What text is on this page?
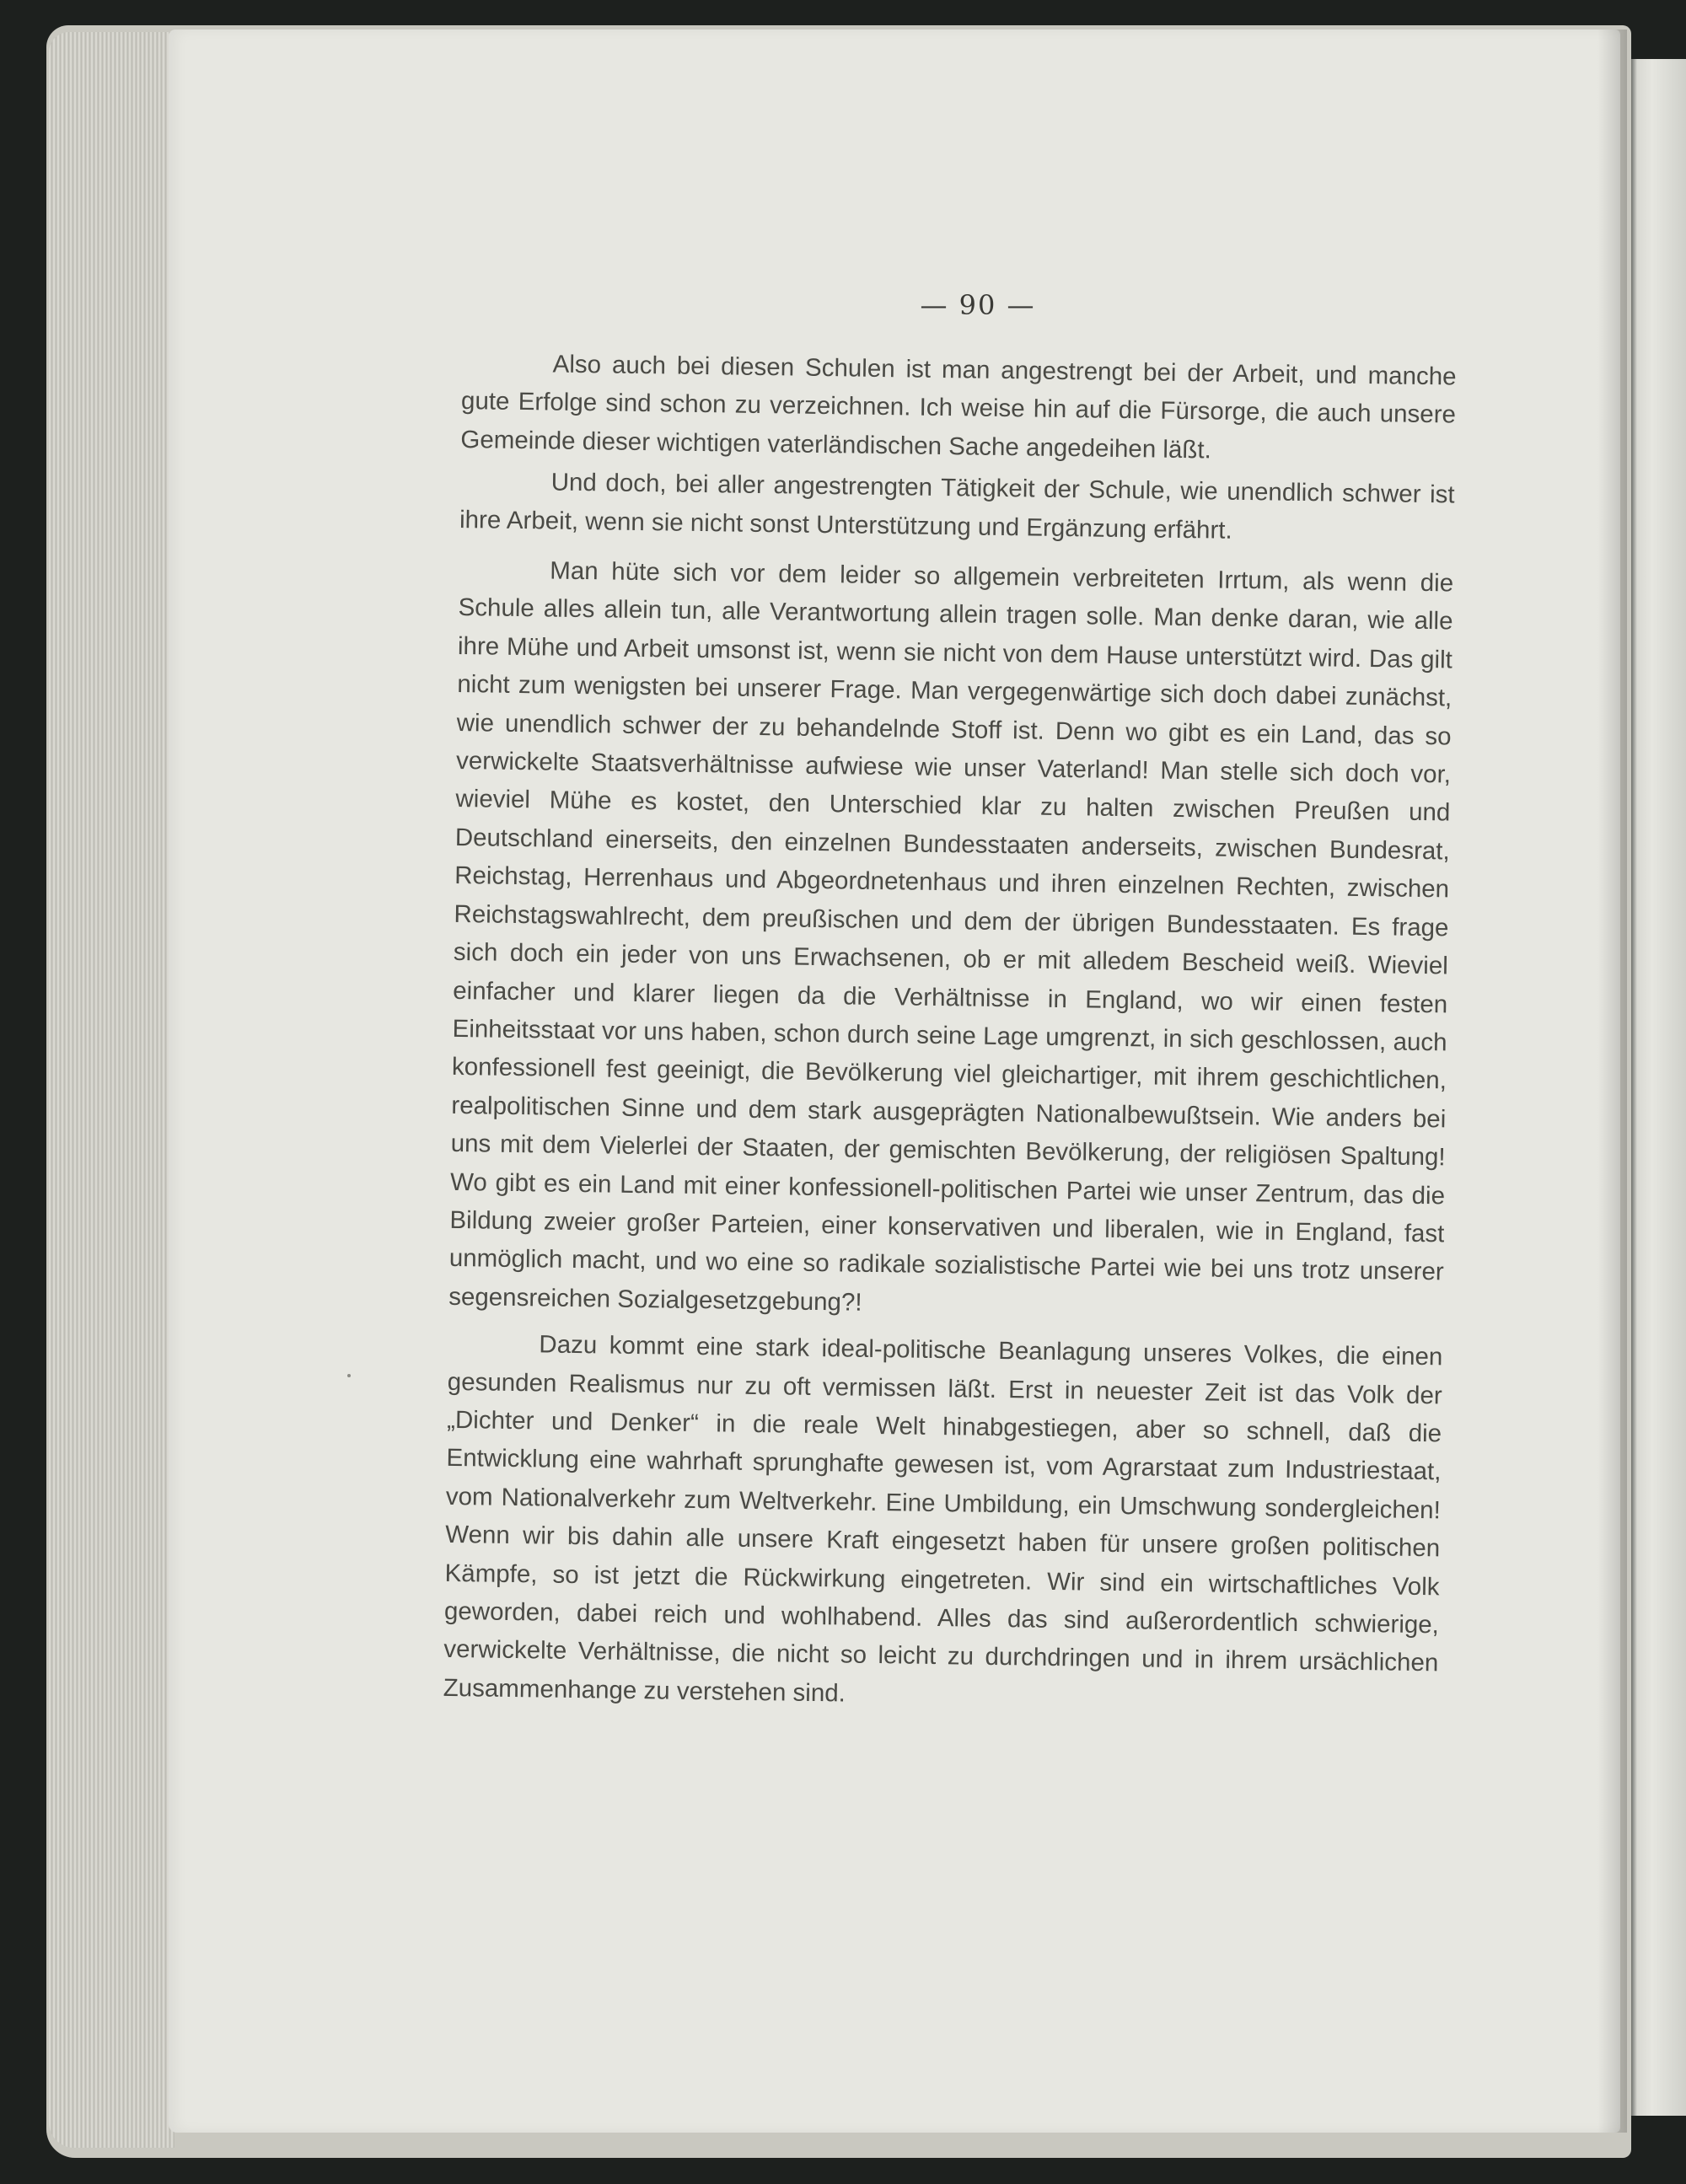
— 90 —

Also auch bei diesen Schulen ist man angestrengt bei der Arbeit, und manche gute Erfolge sind schon zu verzeichnen. Ich weise hin auf die Fürsorge, die auch unsere Gemeinde dieser wichtigen vaterländischen Sache angedeihen läßt.

Und doch, bei aller angestrengten Tätigkeit der Schule, wie unendlich schwer ist ihre Arbeit, wenn sie nicht sonst Unterstützung und Ergänzung erfährt.

Man hüte sich vor dem leider so allgemein verbreiteten Irrtum, als wenn die Schule alles allein tun, alle Verantwortung allein tragen solle. Man denke daran, wie alle ihre Mühe und Arbeit umsonst ist, wenn sie nicht von dem Hause unterstützt wird. Das gilt nicht zum wenigsten bei unserer Frage. Man vergegenwärtige sich doch dabei zunächst, wie unendlich schwer der zu behandelnde Stoff ist. Denn wo gibt es ein Land, das so verwickelte Staatsverhältnisse aufwiese wie unser Vaterland! Man stelle sich doch vor, wieviel Mühe es kostet, den Unterschied klar zu halten zwischen Preußen und Deutschland einerseits, den einzelnen Bundesstaaten anderseits, zwischen Bundesrat, Reichstag, Herrenhaus und Abgeordnetenhaus und ihren einzelnen Rechten, zwischen Reichstagswahlrecht, dem preußischen und dem der übrigen Bundesstaaten. Es frage sich doch ein jeder von uns Erwachsenen, ob er mit alledem Bescheid weiß. Wieviel einfacher und klarer liegen da die Verhältnisse in England, wo wir einen festen Einheitsstaat vor uns haben, schon durch seine Lage umgrenzt, in sich geschlossen, auch konfessionell fest geeinigt, die Bevölkerung viel gleichartiger, mit ihrem geschichtlichen, realpolitischen Sinne und dem stark ausgeprägten Nationalbewußtsein. Wie anders bei uns mit dem Vielerlei der Staaten, der gemischten Bevölkerung, der religiösen Spaltung! Wo gibt es ein Land mit einer konfessionell-politischen Partei wie unser Zentrum, das die Bildung zweier großer Parteien, einer konservativen und liberalen, wie in England, fast unmöglich macht, und wo eine so radikale sozialistische Partei wie bei uns trotz unserer segensreichen Sozialgesetzgebung?!

Dazu kommt eine stark ideal-politische Beanlagung unseres Volkes, die einen gesunden Realismus nur zu oft vermissen läßt. Erst in neuester Zeit ist das Volk der „Dichter und Denker“ in die reale Welt hinabgestiegen, aber so schnell, daß die Entwicklung eine wahrhaft sprunghafte gewesen ist, vom Agrarstaat zum Industriestaat, vom Nationalverkehr zum Weltverkehr. Eine Umbildung, ein Umschwung sondergleichen! Wenn wir bis dahin alle unsere Kraft eingesetzt haben für unsere großen politischen Kämpfe, so ist jetzt die Rückwirkung eingetreten. Wir sind ein wirtschaftliches Volk geworden, dabei reich und wohlhabend. Alles das sind außerordentlich schwierige, verwickelte Verhältnisse, die nicht so leicht zu durchdringen und in ihrem ursächlichen Zusammenhange zu verstehen sind.
